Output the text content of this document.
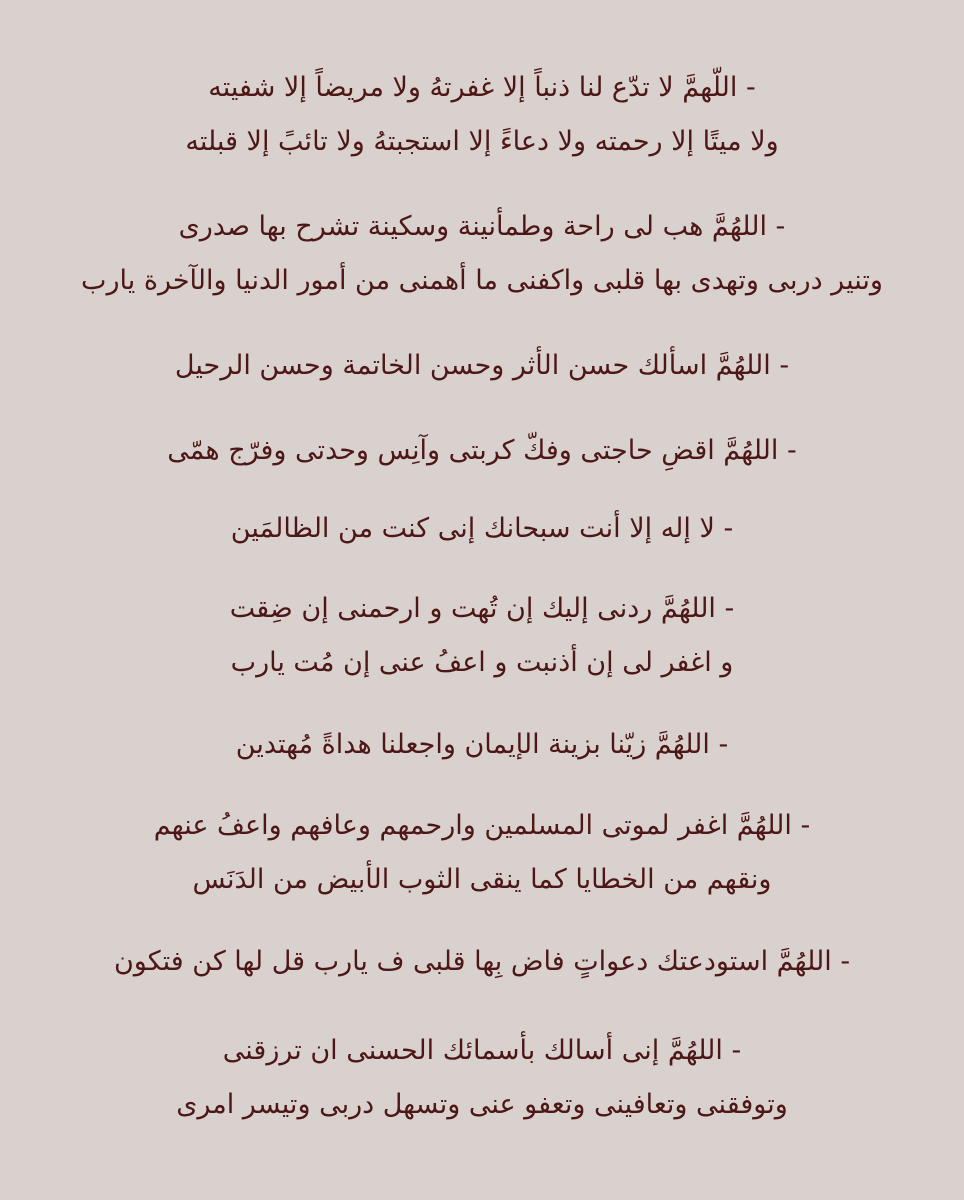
- اللّهمَّ لا تدّع لنا ذنباً إلا غفرتهُ ولا مريضاً إلا شفيته
ولا ميتًا إلا رحمته ولا دعاءً إلا استجبتهُ ولا تائبً إلا قبلته
- اللهُمَّ هب لى راحة وطمأنينة وسكينة تشرح بها صدرى
وتنير دربى وتهدى بها قلبى واكفنى ما أهمنى من أمور الدنيا والآخرة يارب
- اللهُمَّ اسألك حسن الأثر وحسن الخاتمة وحسن الرحيل
- اللهُمَّ اقضِ حاجتى وفكّ كربتى وآنِس وحدتى وفرّج همّى
- لا إله إلا أنت سبحانك إنى كنت من الظالمَين
- اللهُمَّ ردنى إليك إن تُهت و ارحمنى إن ضِقت
و اغفر لى إن أذنبت و اعفُ عنى إن مُت يارب
- اللهُمَّ زيّنا بزينة الإيمان واجعلنا هداةً مُهتدين
- اللهُمَّ اغفر لموتى المسلمين وارحمهم وعافهم واعفُ عنهم
ونقهم من الخطايا كما ينقى الثوب الأبيض من الدَنَس
- اللهُمَّ استودعتك دعواتٍ فاض بِها قلبى ف يارب قل لها كن فتكون
- اللهُمَّ إنى أسالك بأسمائك الحسنى ان ترزقنى
وتوفقنى وتعافينى وتعفو عنى وتسهل دربى وتيسر امرى
